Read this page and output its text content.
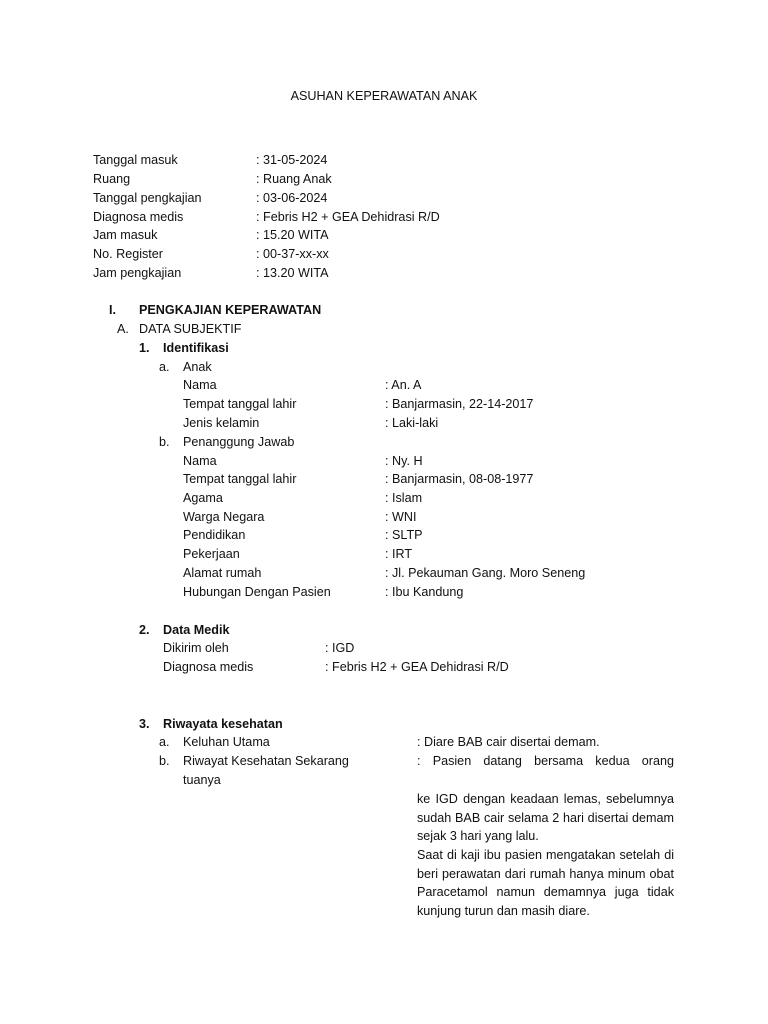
ASUHAN KEPERAWATAN ANAK
Tanggal masuk	: 31-05-2024
Ruang	: Ruang Anak
Tanggal pengkajian	: 03-06-2024
Diagnosa medis	: Febris H2 + GEA Dehidrasi R/D
Jam masuk	: 15.20 WITA
No. Register	: 00-37-xx-xx
Jam pengkajian	: 13.20 WITA
I. PENGKAJIAN KEPERAWATAN
A. DATA SUBJEKTIF
1. Identifikasi
a. Anak
Nama	: An. A
Tempat tanggal lahir	: Banjarmasin, 22-14-2017
Jenis kelamin	: Laki-laki
b. Penanggung Jawab
Nama	: Ny. H
Tempat tanggal lahir	: Banjarmasin, 08-08-1977
Agama	: Islam
Warga Negara	: WNI
Pendidikan	: SLTP
Pekerjaan	: IRT
Alamat rumah	: Jl. Pekauman Gang. Moro Seneng
Hubungan Dengan Pasien	: Ibu Kandung
2. Data Medik
Dikirim oleh	: IGD
Diagnosa medis	: Febris H2 + GEA Dehidrasi R/D
3. Riwayata kesehatan
a. Keluhan Utama	: Diare BAB cair disertai demam.
b. Riwayat Kesehatan Sekarang
tuanya
: Pasien datang bersama kedua orang
ke IGD dengan keadaan lemas, sebelumnya sudah BAB cair selama 2 hari disertai demam sejak 3 hari yang lalu.
Saat di kaji ibu pasien mengatakan setelah di beri perawatan dari rumah hanya minum obat Paracetamol namun demamnya juga tidak kunjung turun dan masih diare.
